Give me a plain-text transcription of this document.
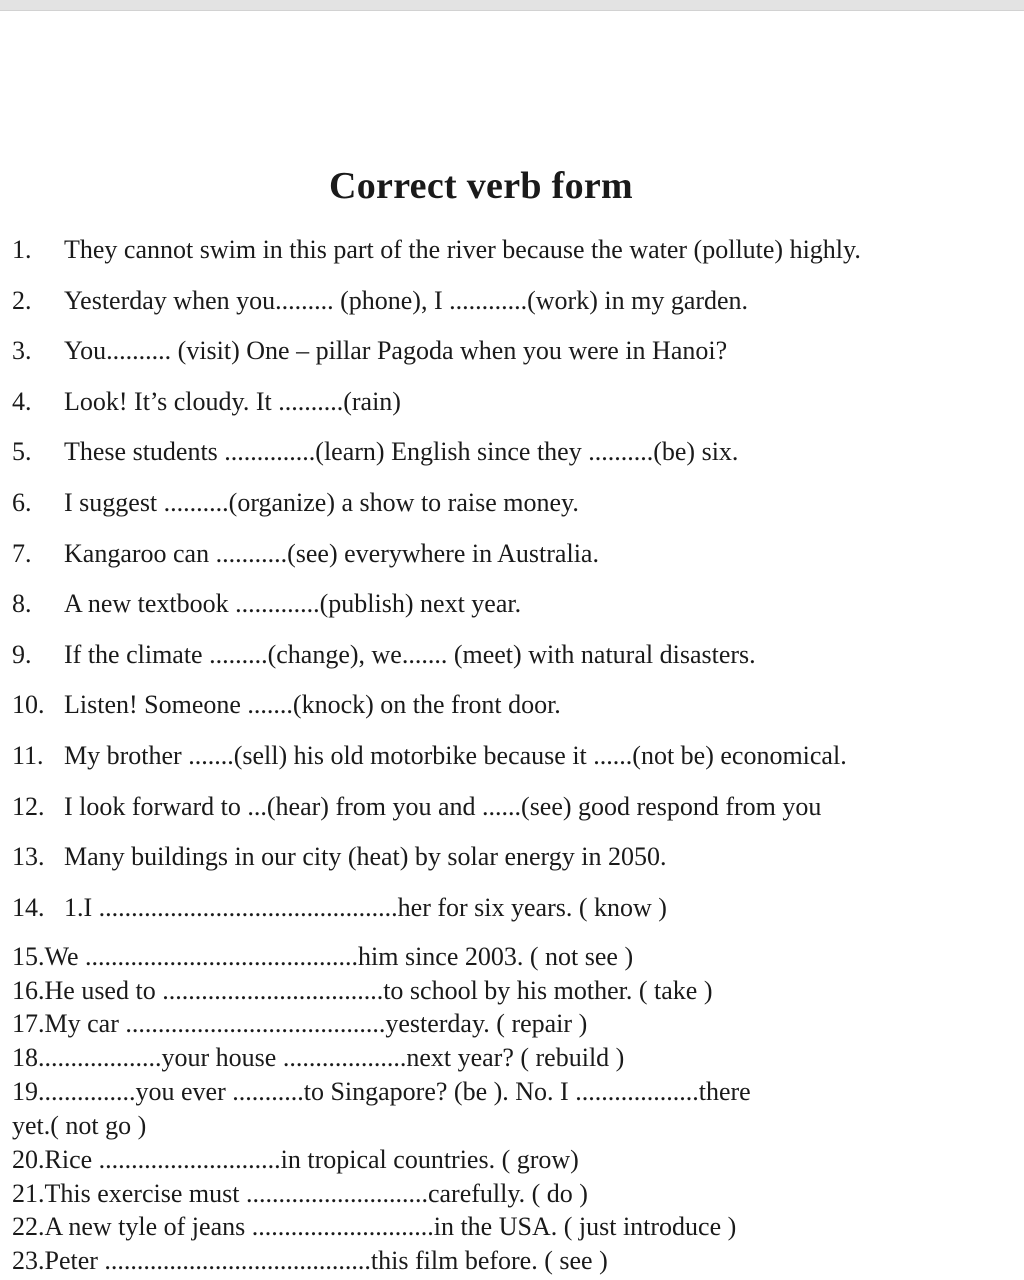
Correct verb form
1. They cannot swim in this part of the river because the water (pollute) highly.
2. Yesterday when you......... (phone), I ............(work) in my garden.
3. You.......... (visit) One – pillar Pagoda when you were in Hanoi?
4. Look! It’s cloudy. It ..........(rain)
5. These students ..............(learn) English since they ..........(be) six.
6. I suggest ..........(organize) a show to raise money.
7. Kangaroo can ...........(see) everywhere in Australia.
8. A new textbook .............(publish) next year.
9. If the climate .........(change), we....... (meet) with natural disasters.
10. Listen! Someone .......(knock) on the front door.
11. My brother .......(sell) his old motorbike because it ......(not be) economical.
12. I look forward to ...(hear) from you and ......(see) good respond from you
13. Many buildings in our city (heat) by solar energy in 2050.
14. 1.I ..............................................her for six years. ( know )
15.We ..........................................him since 2003. ( not see )
16.He used to ..................................to school by his mother. ( take )
17.My car ........................................yesterday. ( repair )
18...................your house ...................next year? ( rebuild )
19...............you ever ...........to Singapore? (be ). No. I ...................there
yet.( not go )
20.Rice ............................in tropical countries. ( grow)
21.This exercise must ............................carefully. ( do )
22.A new tyle of jeans ............................in the USA. ( just introduce )
23.Peter .........................................this film before. ( see )
